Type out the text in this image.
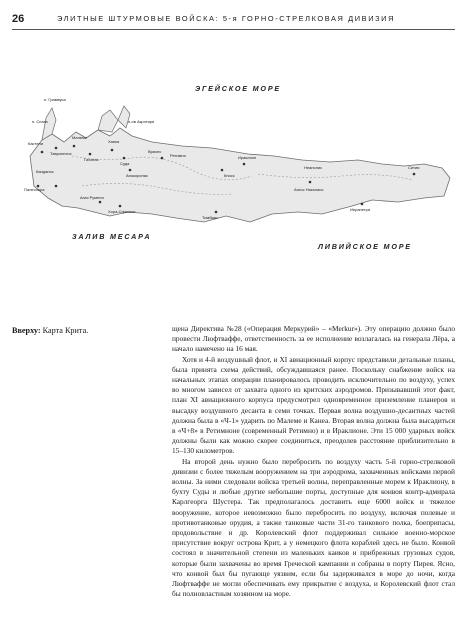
26	ЭЛИТНЫЕ ШТУРМОВЫЕ ВОЙСКА: 5-я ГОРНО-СТРЕЛКОВАЯ ДИВИЗИЯ
ЭГЕЙСКОЕ МОРЕ
ЗАЛИВ МЕСАРА
ЛИВИЙСКОЕ МОРЕ
п. Грамвуса
п. Спата
Кастели
Тавронитис
Малеме
Галатас
Ханья
п-ов Акротири
Суда
Апокоронас
Врисес
Ретимно
Канданос
Палеохора
Агия Румели
Хора-Сфакион
Ираклион
Кносс
Неаполис
Агиос Николаос
Сития
Иерапетра
Тимбаки
Вверху: Карта Крита.	щена Директива №28 («Операция Меркурий» – «Merkur»). Эту операцию должно было провести Люфтваффе, ответственность за ее исполнение возлагалась на генерала Лёра, а начало намечено на 16 мая.

Хотя и 4-й воздушный флот, и XI авиационный корпус представили детальные планы, была принята схема действий, обсуждавшаяся ранее. Поскольку снабжение войск на начальных этапах операции планировалось проводить исключительно по воздуху, успех во многом зависел от захвата одного из критских аэродромов. Призывавший этот факт, план XI авиационного корпуса предусмотрел одновременное приземление планеров и высадку воздушного десанта в семи точках. Первая волна воздушно-десантных частей должна была в «Ч-1» ударить по Малеме и Канеа. Вторая волна должна была высадиться в «Ч+8» в Ретимноне (современный Ретимно) и в Ираклионе. Эти 15 000 ударных войск должны были как можно скорее соединиться, преодолев расстояние приблизительно в 15–130 километров.

На второй день нужно было перебросить по воздуху часть 5-й горно-стрелковой дивизии с более тяжелым вооружением на три аэродрома, захваченных войсками первой волны. За ними следовали войска третьей волны, переправленные морем к Ираклиону, в бухту Суды и любые другие небольшие порты, доступные для конвоя контр-адмирала Карлгеорга Шустера. Так предполагалось доставить еще 6000 войск и тяжелое вооружение, которое невозможно было перебросить по воздуху, включая полевые и противотанковые орудия, а также танковые части 31-го танкового полка, боеприпасы, продовольствие и др. Королевский флот поддерживал сильное военно-морское присутствие вокруг острова Крит, а у немецкого флота кораблей здесь не было. Конвой состоял в значительной степени из маленьких каиков и прибрежных грузовых судов, которые были захвачены во время Греческой кампании и собраны в порту Пирея. Ясно, что конвой был бы пугающе уязвим, если бы задерживался в море до ночи, когда Люфтваффе не могли обеспечивать ему прикрытие с воздуха, и Королевский флот стал бы полновластным хозяином на море.
